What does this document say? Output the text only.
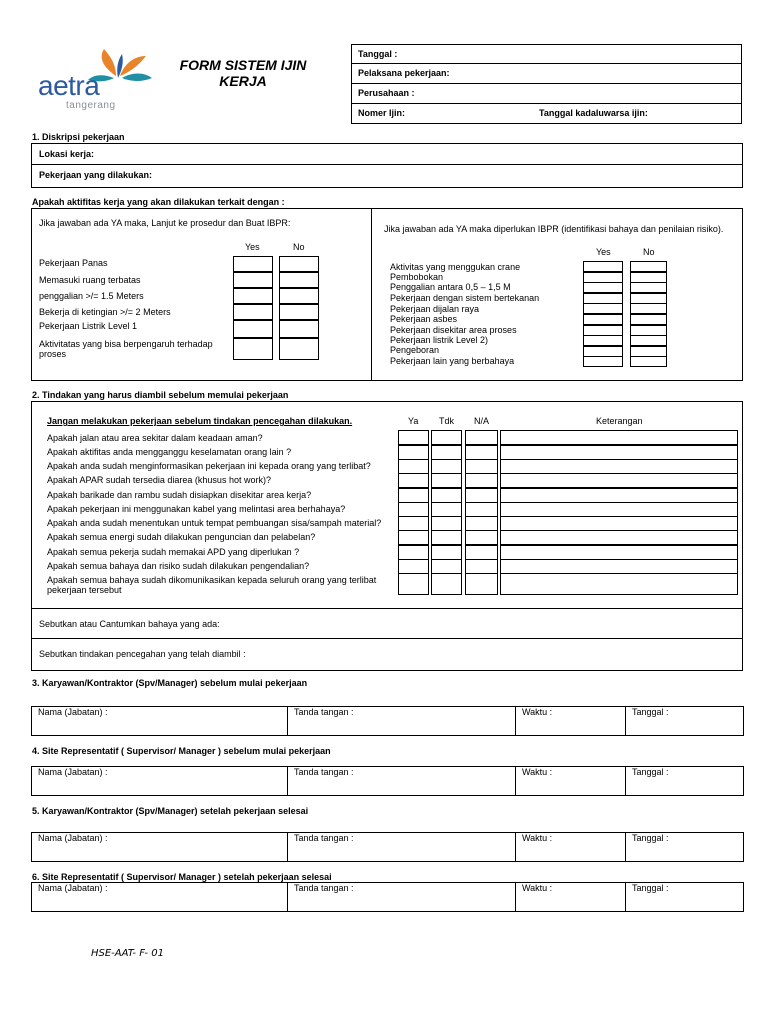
aetra
tangerang
FORM SISTEM IJIN
KERJA
Tanggal :
Pelaksana pekerjaan:
Perusahaan :
Nomer Ijin:	Tanggal kadaluwarsa ijin:
1. Diskripsi pekerjaan
Lokasi kerja:
Pekerjaan yang dilakukan:
Apakah aktifitas kerja yang akan dilakukan terkait dengan :
Jika jawaban ada YA maka, Lanjut ke prosedur dan Buat IBPR:
Yes	No
Pekerjaan Panas
Memasuki ruang terbatas
penggalian >/= 1.5 Meters
Bekerja di ketingian >/= 2 Meters
Pekerjaan Listrik Level 1
Aktivitatas yang bisa berpengaruh terhadap proses
Jika jawaban ada YA maka diperlukan IBPR (identifikasi bahaya dan penilaian risiko).
Yes	No
Aktivitas yang menggukan crane
Pembobokan
Penggalian antara 0,5 – 1,5 M
Pekerjaan dengan sistem bertekanan
Pekerjaan dijalan raya
Pekerjaan asbes
Pekerjaan disekitar area proses
Pekerjaan listrik Level 2)
Pengeboran
Pekerjaan lain yang berbahaya
2. Tindakan yang harus diambil sebelum memulai pekerjaan
Jangan melakukan pekerjaan sebelum tindakan pencegahan dilakukan.	Ya Tdk N/A	Keterangan
Apakah jalan atau area sekitar dalam keadaan aman?
Apakah aktifitas anda mengganggu keselamatan orang lain ?
Apakah anda sudah menginformasikan pekerjaan ini kepada orang yang terlibat?
Apakah APAR sudah tersedia diarea (khusus hot work)?
Apakah barikade dan rambu sudah disiapkan disekitar area kerja?
Apakah pekerjaan ini menggunakan kabel yang melintasi area berhahaya?
Apakah anda sudah menentukan untuk tempat pembuangan sisa/sampah material?
Apakah semua energi sudah dilakukan penguncian dan pelabelan?
Apakah semua pekerja sudah memakai APD yang diperlukan ?
Apakah semua bahaya dan risiko sudah dilakukan pengendalian?
Apakah semua bahaya sudah dikomunikasikan kepada seluruh orang yang terlibat pekerjaan tersebut
Sebutkan atau Cantumkan bahaya yang ada:
Sebutkan tindakan pencegahan yang telah diambil :
3. Karyawan/Kontraktor (Spv/Manager) sebelum mulai pekerjaan
Nama (Jabatan) :	Tanda tangan :	Waktu :	Tanggal :
4. Site Representatif ( Supervisor/ Manager ) sebelum mulai pekerjaan
Nama (Jabatan) :	Tanda tangan :	Waktu :	Tanggal :
5. Karyawan/Kontraktor (Spv/Manager) setelah pekerjaan selesai
Nama (Jabatan) :	Tanda tangan :	Waktu :	Tanggal :
6. Site Representatif ( Supervisor/ Manager ) setelah pekerjaan selesai
Nama (Jabatan) :	Tanda tangan :	Waktu :	Tanggal :
HSE-AAT- F- 01
